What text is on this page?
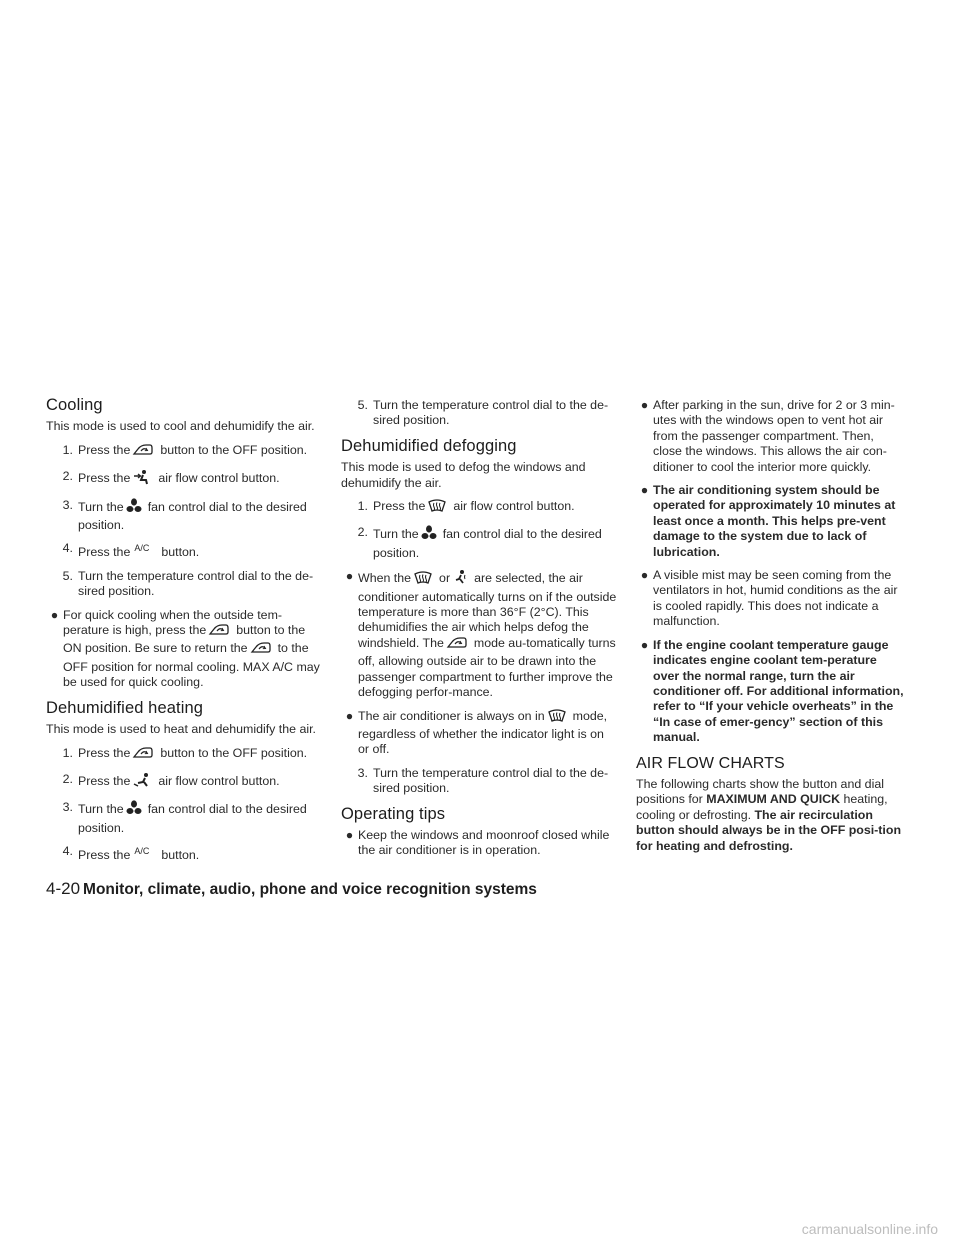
Cooling

This mode is used to cool and dehumidify the air.

1. Press the button to the OFF position.
2. Press the air flow control button.
3. Turn the fan control dial to the desired position.
4. Press the $^{A/C}$ button.
5. Turn the temperature control dial to the de-sired position.
● For quick cooling when the outside tem-perature is high, press the button to the ON position. Be sure to return the to the OFF position for normal cooling. MAX A/C may be used for quick cooling.
Dehumidified heating

This mode is used to heat and dehumidify the air.

1. Press the button to the OFF position.
2. Press the air flow control button.
3. Turn the fan control dial to the desired position.
4. Press the $^{A/C}$ button.
5. Turn the temperature control dial to the de-sired position.
Dehumidified defogging

This mode is used to defog the windows and dehumidify the air.

1. Press the air flow control button.
2. Turn the fan control dial to the desired position.
● When the or are selected, the air conditioner automatically turns on if the outside temperature is more than 36°F (2°C). This dehumidifies the air which helps defog the windshield. The mode au-tomatically turns off, allowing outside air to be drawn into the passenger compartment to further improve the defogging perfor-mance.
● The air conditioner is always on in mode, regardless of whether the indicator light is on or off.
3. Turn the temperature control dial to the de-sired position.
Operating tips
● Keep the windows and moonroof closed while the air conditioner is in operation.
● After parking in the sun, drive for 2 or 3 min-utes with the windows open to vent hot air from the passenger compartment. Then, close the windows. This allows the air con-ditioner to cool the interior more quickly.
● The air conditioning system should be operated for approximately 10 minutes at least once a month. This helps pre-vent damage to the system due to lack of lubrication.
● A visible mist may be seen coming from the ventilators in hot, humid conditions as the air is cooled rapidly. This does not indicate a malfunction.
● If the engine coolant temperature gauge indicates engine coolant tem-perature over the normal range, turn the air conditioner off. For additional information, refer to “If your vehicle overheats” in the “In case of emer-gency” section of this manual.
AIR FLOW CHARTS

The following charts show the button and dial positions for MAXIMUM AND QUICK heating, cooling or defrosting. The air recirculation button should always be in the OFF posi-tion for heating and defrosting.

4-20 Monitor, climate, audio, phone and voice recognition systems
carmanualsonline.info
